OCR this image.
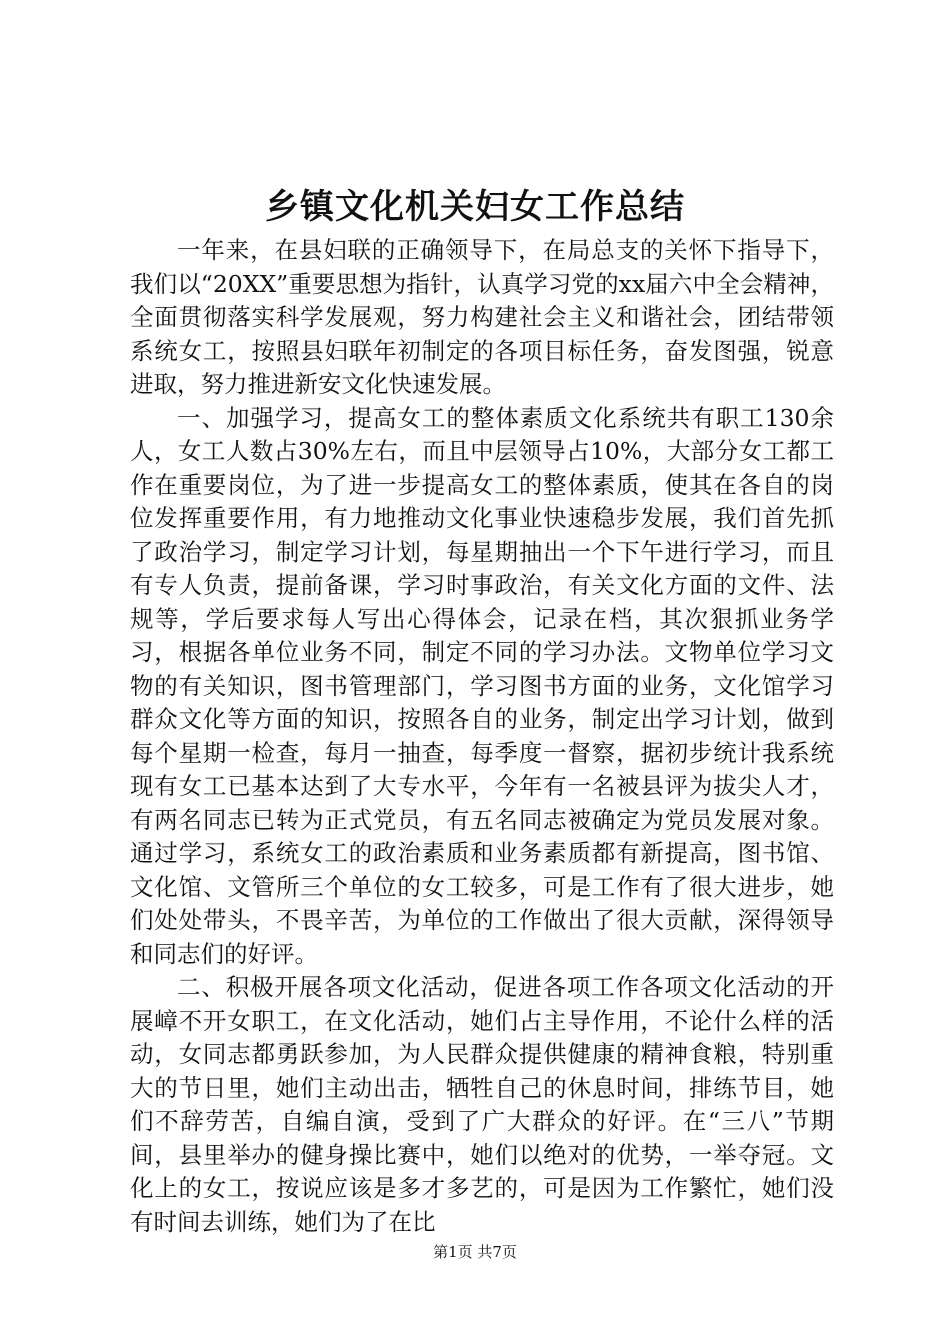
乡镇文化机关妇女工作总结

一年来，在县妇联的正确领导下，在局总支的关怀下指导下，我们以“20XX”重要思想为指针，认真学习党的xx届六中全会精神，全面贯彻落实科学发展观，努力构建社会主义和谐社会，团结带领系统女工，按照县妇联年初制定的各项目标任务，奋发图强，锐意进取，努力推进新安文化快速发展。

一、加强学习，提高女工的整体素质文化系统共有职工130余人，女工人数占30%左右，而且中层领导占10%，大部分女工都工作在重要岗位，为了进一步提高女工的整体素质，使其在各自的岗位发挥重要作用，有力地推动文化事业快速稳步发展，我们首先抓了政治学习，制定学习计划，每星期抽出一个下午进行学习，而且有专人负责，提前备课，学习时事政治，有关文化方面的文件、法规等，学后要求每人写出心得体会，记录在档，其次狠抓业务学习，根据各单位业务不同，制定不同的学习办法。文物单位学习文物的有关知识，图书管理部门，学习图书方面的业务，文化馆学习群众文化等方面的知识，按照各自的业务，制定出学习计划，做到每个星期一检查，每月一抽查，每季度一督察，据初步统计我系统现有女工已基本达到了大专水平，今年有一名被县评为拔尖人才，有两名同志已转为正式党员，有五名同志被确定为党员发展对象。通过学习，系统女工的政治素质和业务素质都有新提高，图书馆、文化馆、文管所三个单位的女工较多，可是工作有了很大进步，她们处处带头，不畏辛苦，为单位的工作做出了很大贡献，深得领导和同志们的好评。

二、积极开展各项文化活动，促进各项工作各项文化活动的开展嶂不开女职工，在文化活动，她们占主导作用，不论什么样的活动，女同志都勇跃参加，为人民群众提供健康的精神食粮，特别重大的节日里，她们主动出击，牺牲自己的休息时间，排练节目，她们不辞劳苦，自编自演，受到了广大群众的好评。在“三八”节期间，县里举办的健身操比赛中，她们以绝对的优势，一举夺冠。文化上的女工，按说应该是多才多艺的，可是因为工作繁忙，她们没有时间去训练，她们为了在比

第1页 共7页
